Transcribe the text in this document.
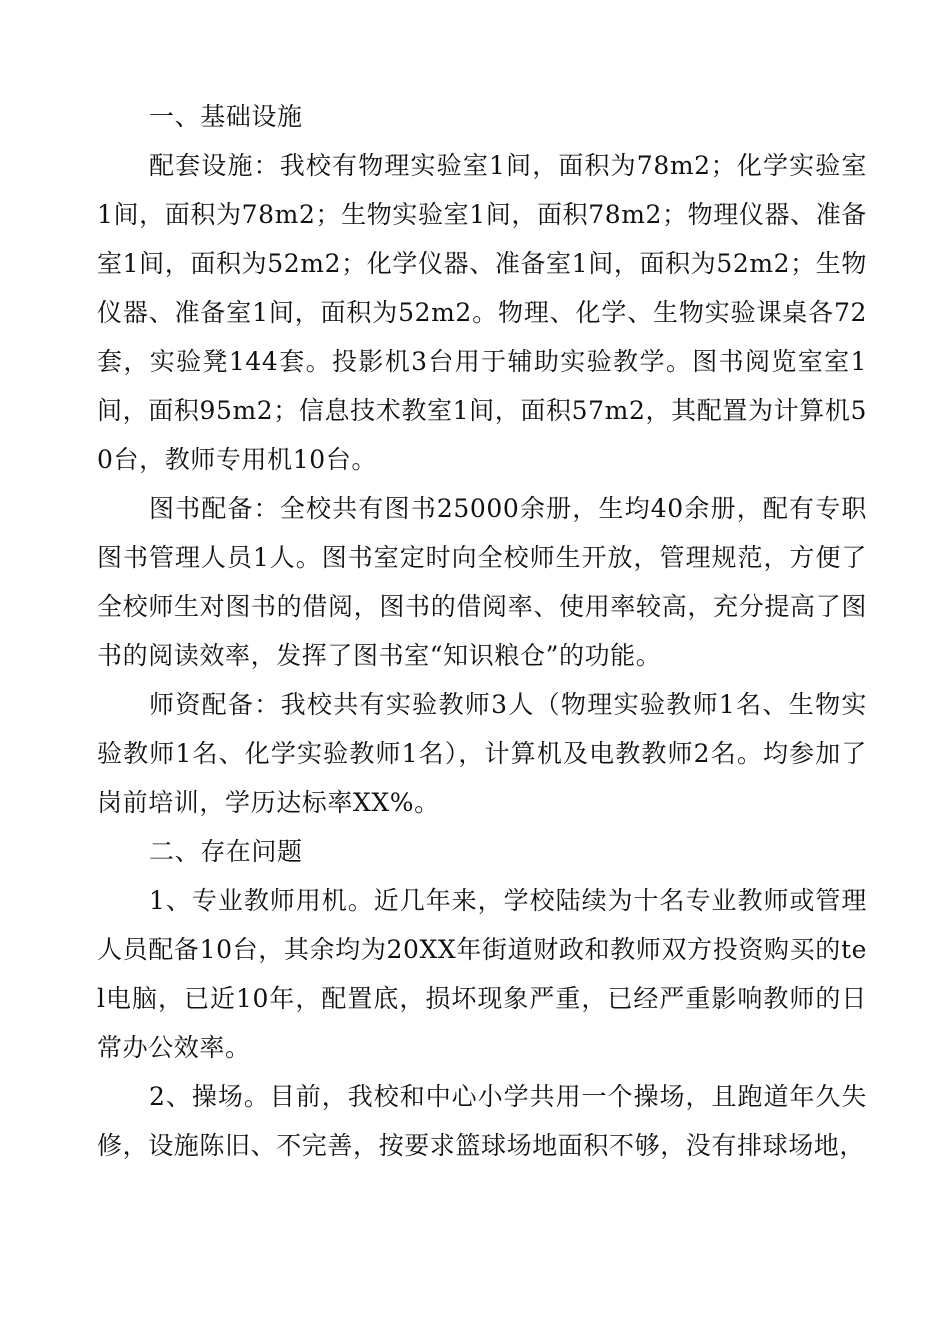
一、基础设施

配套设施：我校有物理实验室1间，面积为78m2；化学实验室1间，面积为78m2；生物实验室1间，面积78m2；物理仪器、准备室1间，面积为52m2；化学仪器、准备室1间，面积为52m2；生物仪器、准备室1间，面积为52m2。物理、化学、生物实验课桌各72套，实验凳144套。投影机3台用于辅助实验教学。图书阅览室室1间，面积95m2；信息技术教室1间，面积57m2，其配置为计算机50台，教师专用机10台。

图书配备：全校共有图书25000余册，生均40余册，配有专职图书管理人员1人。图书室定时向全校师生开放，管理规范，方便了全校师生对图书的借阅，图书的借阅率、使用率较高，充分提高了图书的阅读效率，发挥了图书室“知识粮仓”的功能。

师资配备：我校共有实验教师3人（物理实验教师1名、生物实验教师1名、化学实验教师1名），计算机及电教教师2名。均参加了岗前培训，学历达标率XX%。

二、存在问题

1、专业教师用机。近几年来，学校陆续为十名专业教师或管理人员配备10台，其余均为20XX年街道财政和教师双方投资购买的tel电脑，已近10年，配置底，损坏现象严重，已经严重影响教师的日常办公效率。

2、操场。目前，我校和中心小学共用一个操场，且跑道年久失修，设施陈旧、不完善，按要求篮球场地面积不够，没有排球场地，
